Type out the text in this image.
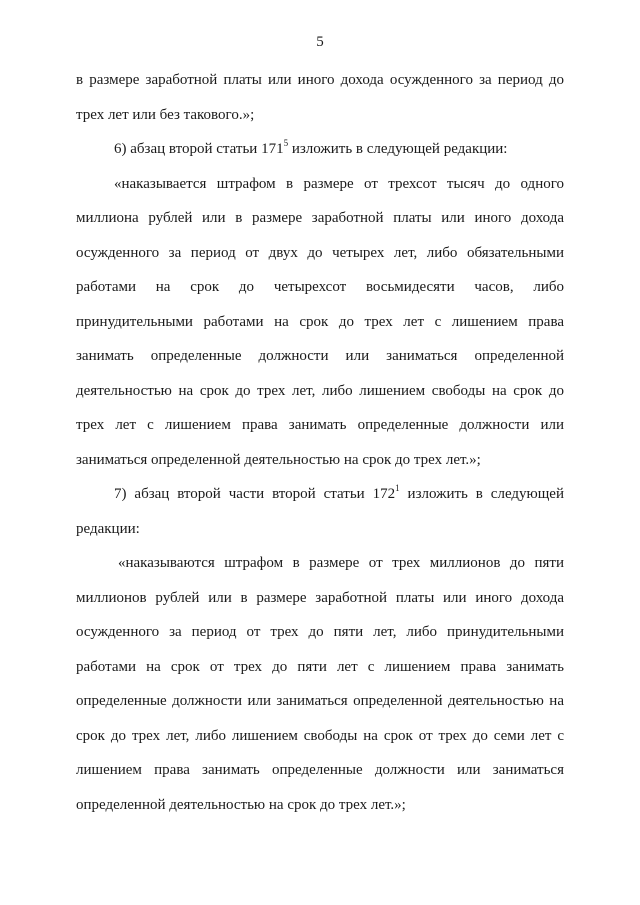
5

в размере заработной платы или иного дохода осужденного за период до трех лет или без такового.»;

6) абзац второй статьи $171^5$ изложить в следующей редакции:

«наказывается штрафом в размере от трехсот тысяч до одного миллиона рублей или в размере заработной платы или иного дохода осужденного за период от двух до четырех лет, либо обязательными работами на срок до четырехсот восьмидесяти часов, либо принудительными работами на срок до трех лет с лишением права занимать определенные должности или заниматься определенной деятельностью на срок до трех лет, либо лишением свободы на срок до трех лет с лишением права занимать определенные должности или заниматься определенной деятельностью на срок до трех лет.»;

7) абзац второй части второй статьи $172^1$ изложить в следующей редакции:

«наказываются штрафом в размере от трех миллионов до пяти миллионов рублей или в размере заработной платы или иного дохода осужденного за период от трех до пяти лет, либо принудительными работами на срок от трех до пяти лет с лишением права занимать определенные должности или заниматься определенной деятельностью на срок до трех лет, либо лишением свободы на срок от трех до семи лет с лишением права занимать определенные должности или заниматься определенной деятельностью на срок до трех лет.»;
